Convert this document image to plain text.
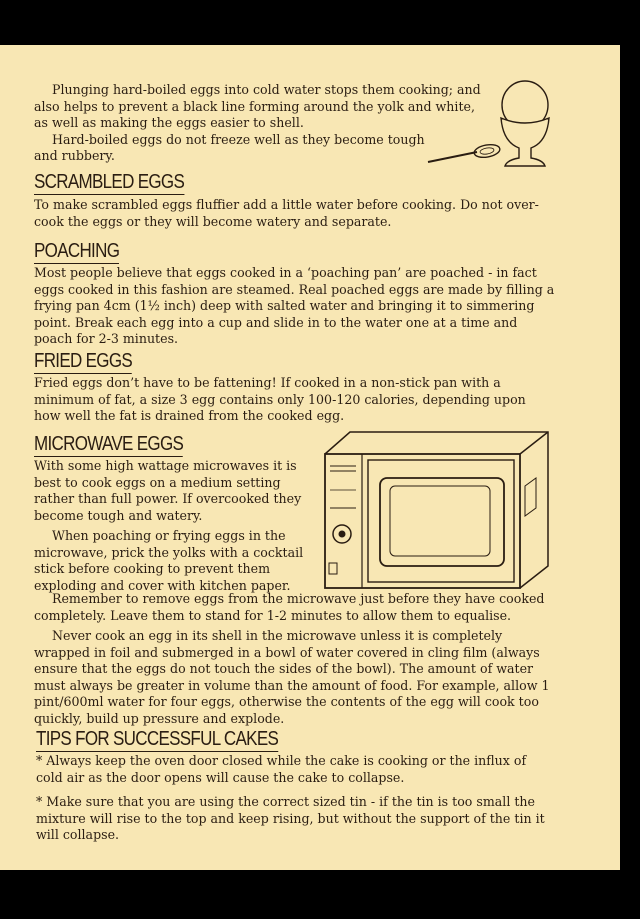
Plunging hard-boiled eggs into cold water stops them cooking; and also helps to prevent a black line forming around the yolk and white, as well as making the eggs easier to shell.

Hard-boiled eggs do not freeze well as they become tough and rubbery.

SCRAMBLED EGGS
To make scrambled eggs fluffier add a little water before cooking. Do not over-cook the eggs or they will become watery and separate.
POACHING
Most people believe that eggs cooked in a ‘poaching pan’ are poached - in fact eggs cooked in this fashion are steamed. Real poached eggs are made by filling a frying pan 4cm (1½ inch) deep with salted water and bringing it to simmering point. Break each egg into a cup and slide in to the water one at a time and poach for 2-3 minutes.
FRIED EGGS
Fried eggs don’t have to be fattening! If cooked in a non-stick pan with a minimum of fat, a size 3 egg contains only 100-120 calories, depending upon how well the fat is drained from the cooked egg.
MICROWAVE EGGS

With some high wattage microwaves it is best to cook eggs on a medium setting rather than full power. If overcooked they become tough and watery.

When poaching or frying eggs in the microwave, prick the yolks with a cocktail stick before cooking to prevent them exploding and cover with kitchen paper.

Remember to remove eggs from the microwave just before they have cooked completely. Leave them to stand for 1-2 minutes to allow them to equalise.

Never cook an egg in its shell in the microwave unless it is completely wrapped in foil and submerged in a bowl of water covered in cling film (always ensure that the eggs do not touch the sides of the bowl). The amount of water must always be greater in volume than the amount of food. For example, allow 1 pint/600ml water for four eggs, otherwise the contents of the egg will cook too quickly, build up pressure and explode.

TIPS FOR SUCCESSFUL CAKES

* Always keep the oven door closed while the cake is cooking or the influx of cold air as the door opens will cause the cake to collapse.

* Make sure that you are using the correct sized tin - if the tin is too small the mixture will rise to the top and keep rising, but without the support of the tin it will collapse.
